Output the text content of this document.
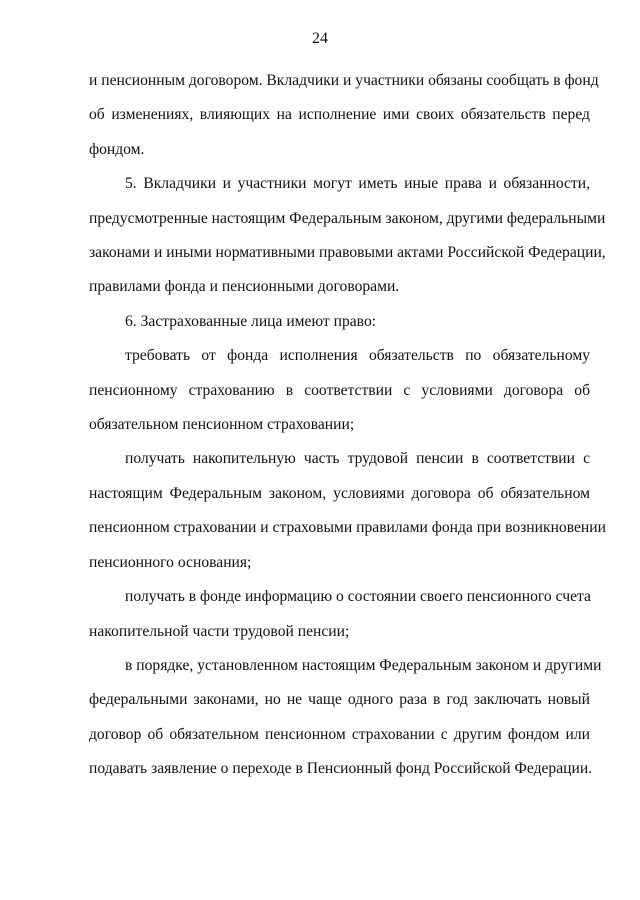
24

и пенсионным договором. Вкладчики и участники обязаны сообщать в фонд
об изменениях, влияющих на исполнение ими своих обязательств перед
фондом.

5. Вкладчики и участники могут иметь иные права и обязанности,
предусмотренные настоящим Федеральным законом, другими федеральными
законами и иными нормативными правовыми актами Российской Федерации,
правилами фонда и пенсионными договорами.

6. Застрахованные лица имеют право:

требовать от фонда исполнения обязательств по обязательному
пенсионному страхованию в соответствии с условиями договора об
обязательном пенсионном страховании;

получать накопительную часть трудовой пенсии в соответствии с
настоящим Федеральным законом, условиями договора об обязательном
пенсионном страховании и страховыми правилами фонда при возникновении
пенсионного основания;

получать в фонде информацию о состоянии своего пенсионного счета
накопительной части трудовой пенсии;

в порядке, установленном настоящим Федеральным законом и другими
федеральными законами, но не чаще одного раза в год заключать новый
договор об обязательном пенсионном страховании с другим фондом или
подавать заявление о переходе в Пенсионный фонд Российской Федерации.
